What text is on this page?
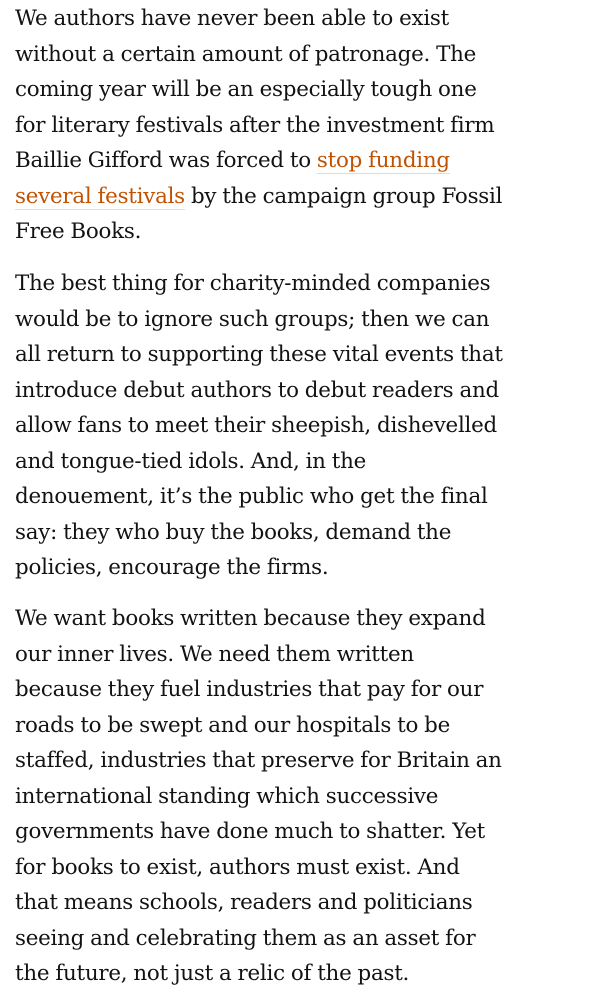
We authors have never been able to exist
without a certain amount of patronage. The
coming year will be an especially tough one
for literary festivals after the investment firm
Baillie Gifford was forced to stop funding
several festivals by the campaign group Fossil
Free Books.

The best thing for charity-minded companies
would be to ignore such groups; then we can
all return to supporting these vital events that
introduce debut authors to debut readers and
allow fans to meet their sheepish, dishevelled
and tongue-tied idols. And, in the
denouement, it’s the public who get the final
say: they who buy the books, demand the
policies, encourage the firms.

We want books written because they expand
our inner lives. We need them written
because they fuel industries that pay for our
roads to be swept and our hospitals to be
staffed, industries that preserve for Britain an
international standing which successive
governments have done much to shatter. Yet
for books to exist, authors must exist. And
that means schools, readers and politicians
seeing and celebrating them as an asset for
the future, not just a relic of the past.
